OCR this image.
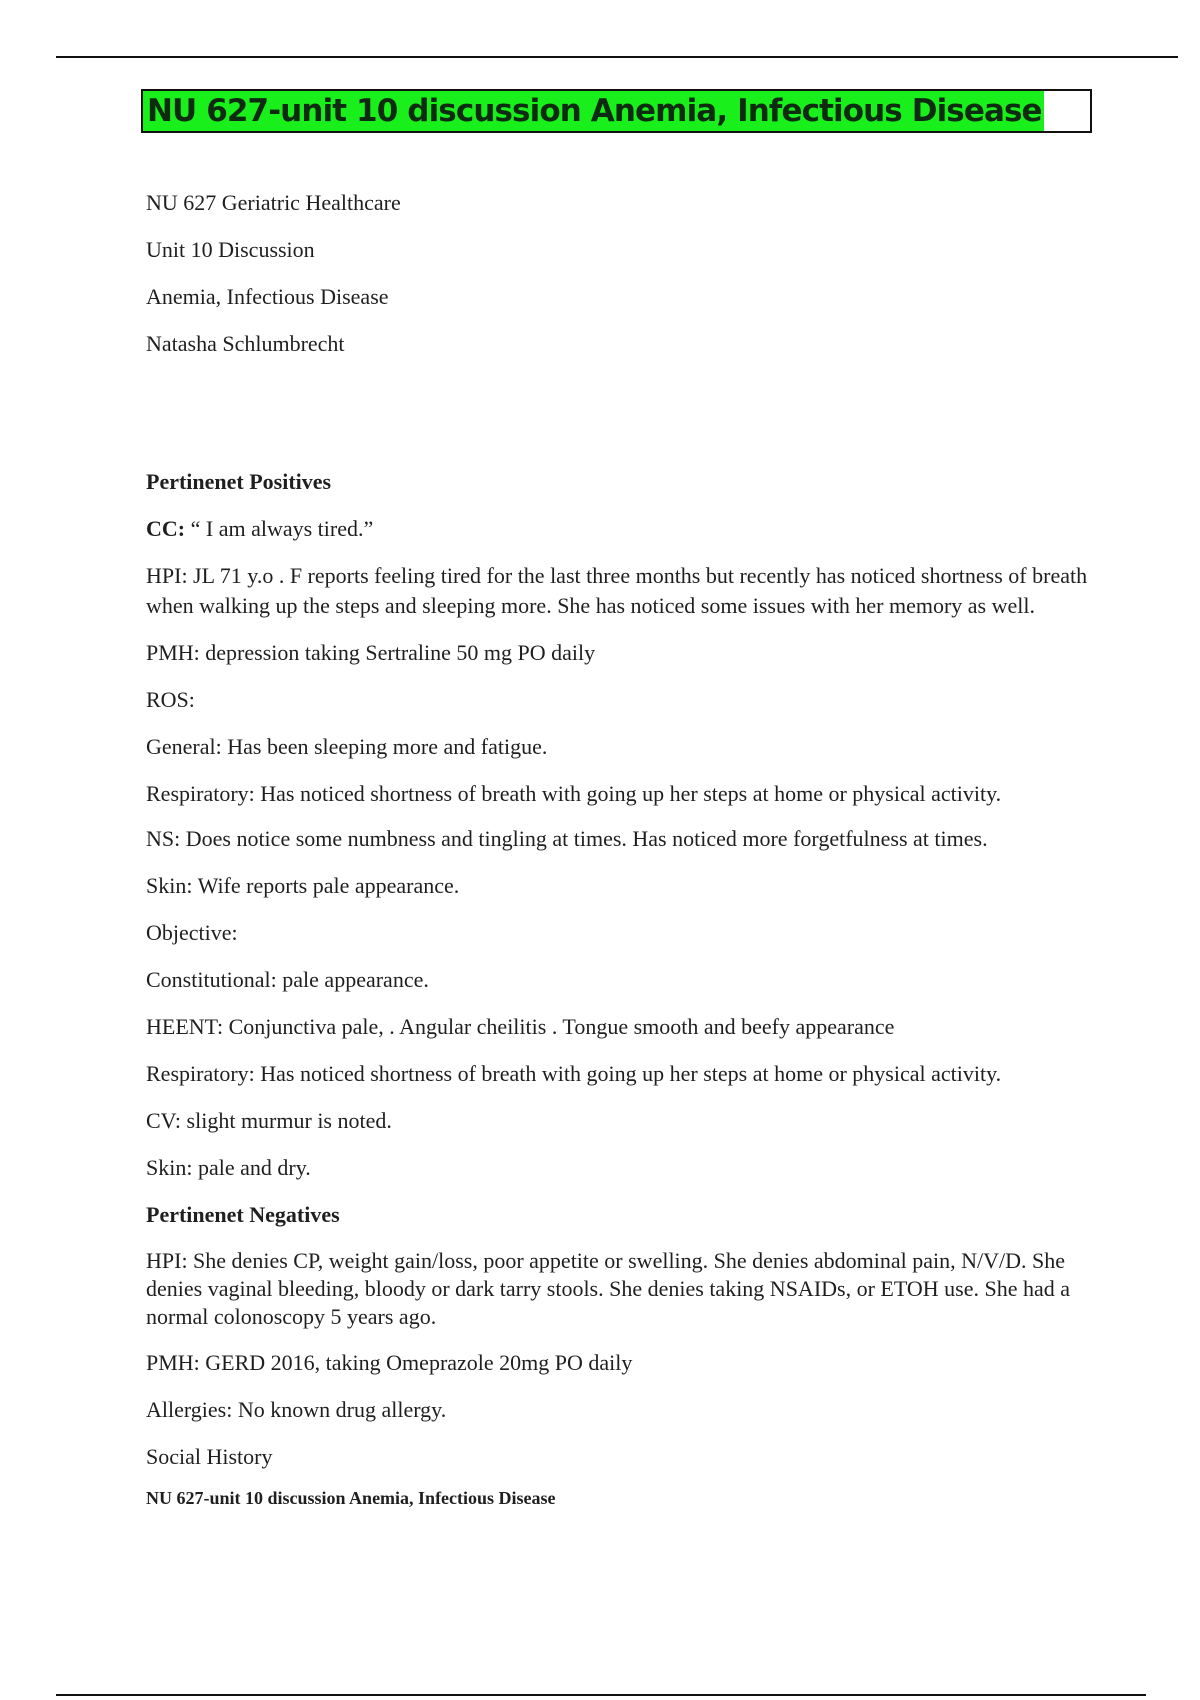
NU 627-unit 10 discussion Anemia, Infectious Disease

NU 627 Geriatric Healthcare

Unit 10 Discussion

Anemia, Infectious Disease

Natasha Schlumbrecht

Pertinenet Positives

CC: “ I am always tired.”

HPI: JL 71 y.o . F reports feeling tired for the last three months but recently has noticed shortness of breath when walking up the steps and sleeping more. She has noticed some issues with her memory as well.

PMH: depression taking Sertraline 50 mg PO daily

ROS:

General: Has been sleeping more and fatigue.

Respiratory: Has noticed shortness of breath with going up her steps at home or physical activity.

NS: Does notice some numbness and tingling at times. Has noticed more forgetfulness at times.

Skin: Wife reports pale appearance.

Objective:

Constitutional: pale appearance.

HEENT: Conjunctiva pale, . Angular cheilitis . Tongue smooth and beefy appearance

Respiratory: Has noticed shortness of breath with going up her steps at home or physical activity.

CV: slight murmur is noted.

Skin: pale and dry.

Pertinenet Negatives

HPI: She denies CP, weight gain/loss, poor appetite or swelling. She denies abdominal pain, N/V/D. She denies vaginal bleeding, bloody or dark tarry stools. She denies taking NSAIDs, or ETOH use. She had a normal colonoscopy 5 years ago.

PMH: GERD 2016, taking Omeprazole 20mg PO daily

Allergies: No known drug allergy.

Social History

NU 627-unit 10 discussion Anemia, Infectious Disease
